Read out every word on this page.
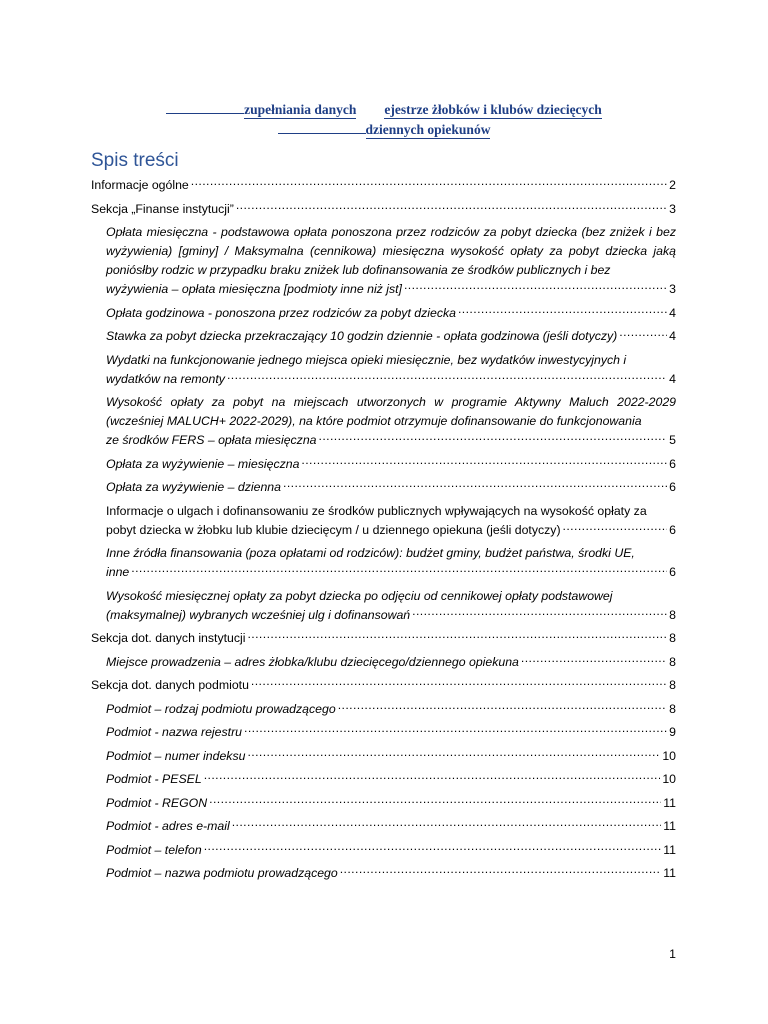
zupełniania danych ejestrze żłobków i klubów dziecięcych
dziennych opiekunów
Spis treści
Informacje ogólne .....	2
Sekcja „Finanse instytucji” .....	3
Opłata miesięczna - podstawowa opłata ponoszona przez rodziców za pobyt dziecka (bez zniżek i bez wyżywienia) [gminy] / Maksymalna (cennikowa) miesięczna wysokość opłaty za pobyt dziecka jaką poniósłby rodzic w przypadku braku zniżek lub dofinansowania ze środków publicznych i bez
wyżywienia – opłata miesięczna [podmioty inne niż jst] .....	3
Opłata godzinowa - ponoszona przez rodziców za pobyt dziecka .....	4
Stawka za pobyt dziecka przekraczający 10 godzin dziennie - opłata godzinowa (jeśli dotyczy) .....	4
Wydatki na funkcjonowanie jednego miejsca opieki miesięcznie, bez wydatków inwestycyjnych i
wydatków na remonty .....	4
Wysokość opłaty za pobyt na miejscach utworzonych w programie Aktywny Maluch 2022-2029 (wcześniej MALUCH+ 2022-2029), na które podmiot otrzymuje dofinansowanie do funkcjonowania
ze środków FERS – opłata miesięczna .....	5
Opłata za wyżywienie – miesięczna .....	6
Opłata za wyżywienie – dzienna .....	6
Informacje o ulgach i dofinansowaniu ze środków publicznych wpływających na wysokość opłaty za
pobyt dziecka w żłobku lub klubie dziecięcym / u dziennego opiekuna (jeśli dotyczy) .....	6
Inne źródła finansowania (poza opłatami od rodziców): budżet gminy, budżet państwa, środki UE,
inne .....	6
Wysokość miesięcznej opłaty za pobyt dziecka po odjęciu od cennikowej opłaty podstawowej
(maksymalnej) wybranych wcześniej ulg i dofinansowań .....	8
Sekcja dot. danych instytucji .....	8
Miejsce prowadzenia – adres żłobka/klubu dziecięcego/dziennego opiekuna .....	8
Sekcja dot. danych podmiotu .....	8
Podmiot – rodzaj podmiotu prowadzącego .....	8
Podmiot - nazwa rejestru .....	9
Podmiot – numer indeksu .....	10
Podmiot - PESEL .....	10
Podmiot - REGON .....	11
Podmiot - adres e-mail .....	11
Podmiot – telefon .....	11
Podmiot – nazwa podmiotu prowadzącego .....	11
1
